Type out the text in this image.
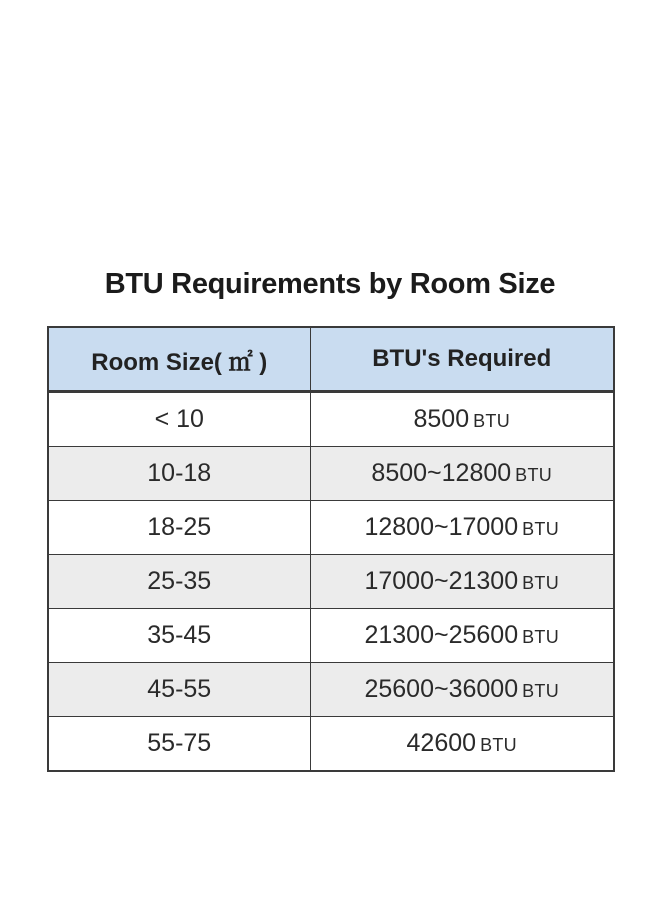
BTU Requirements by Room Size
Room Size( ㎡ )	BTU's Required
< 10	8500 BTU
10-18	8500~12800 BTU
18-25	12800~17000 BTU
25-35	17000~21300 BTU
35-45	21300~25600 BTU
45-55	25600~36000 BTU
55-75	42600 BTU
